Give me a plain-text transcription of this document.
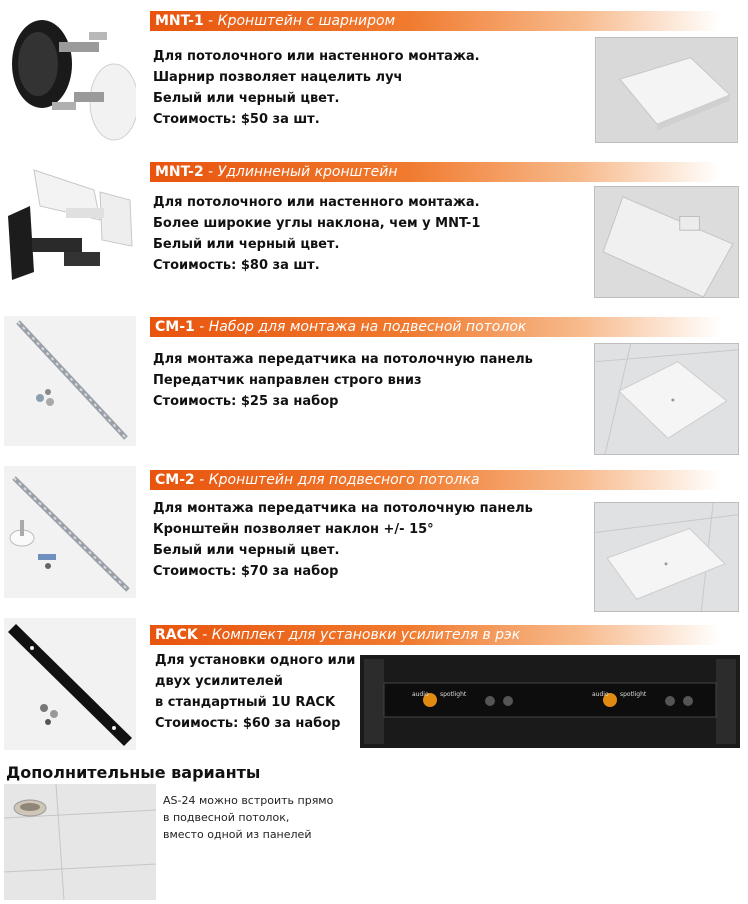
MNT-1 - Кронштейн с шарниром
Для потолочного или настенного монтажа.
Шарнир позволяет нацелить луч
Белый или черный цвет.
Стоимость: $50 за шт.
MNT-2 - Удлинненый кронштейн
Для потолочного или настенного монтажа.
Более широкие углы наклона, чем у MNT-1
Белый или черный цвет.
Стоимость: $80 за шт.
CM-1 - Набор для монтажа на подвесной потолок
Для монтажа передатчика на потолочную панель
Передатчик направлен строго вниз
Стоимость: $25 за набор
CM-2 - Кронштейн для подвесного потолка
Для монтажа передатчика на потолочную панель
Кронштейн позволяет наклон +/- 15°
Белый или черный цвет.
Стоимость: $70 за набор
RACK - Комплект для установки усилителя в рэк
Для установки одного или
двух усилителей
в стандартный 1U RACK
Стоимость: $60 за набор
audio spotlight	audio spotlight
Дополнительные варианты
AS-24 можно встроить прямо
в подвесной потолок,
вместо одной из панелей
